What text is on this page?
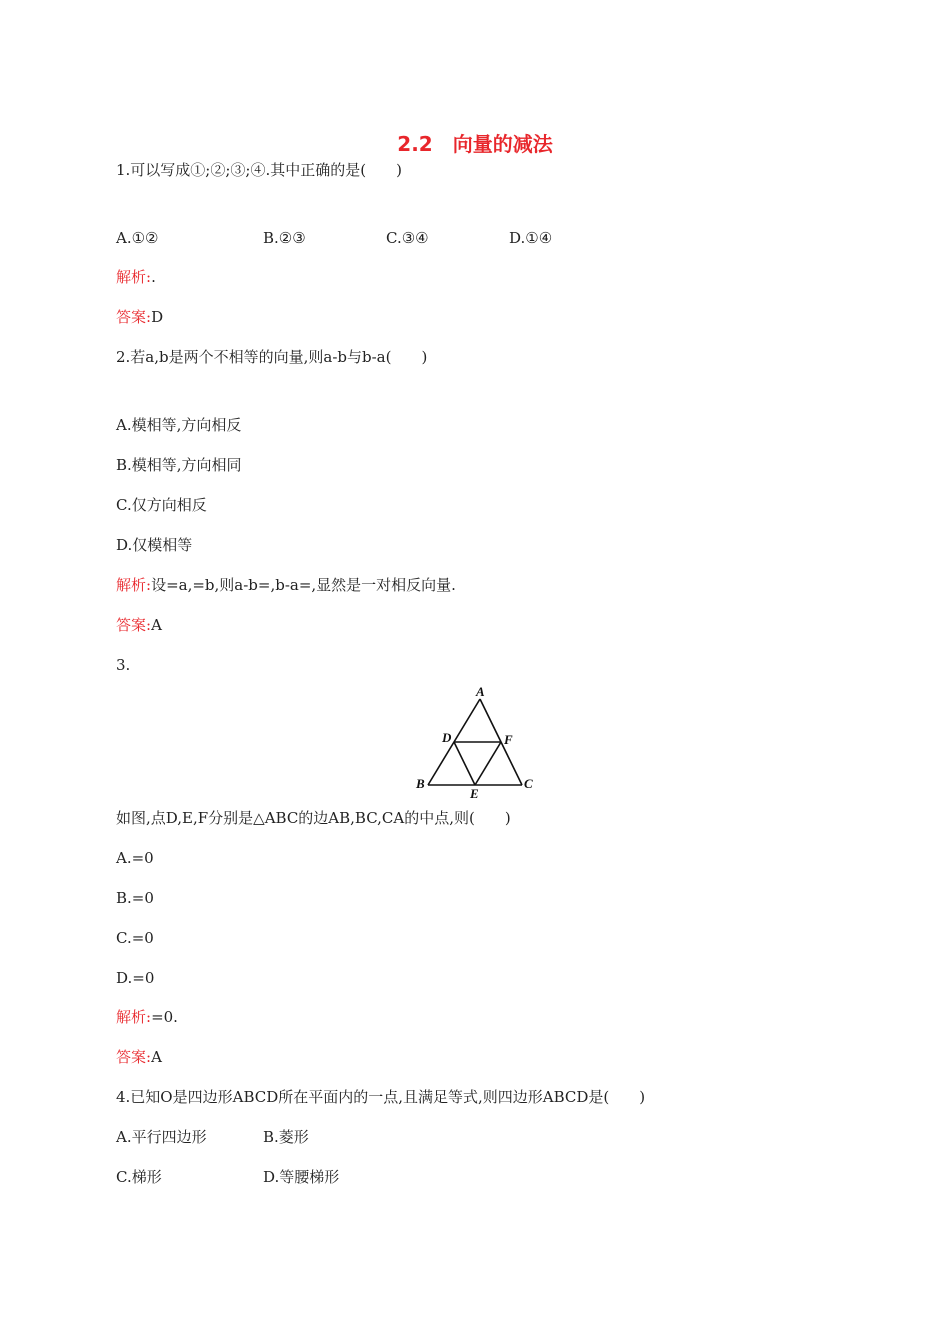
2.2　向量的减法
1.可以写成①;②;③;④.其中正确的是(　　)
A.①②	B.②③	C.③④	D.①④
解析:.
答案:D
2.若a,b是两个不相等的向量,则a-b与b-a(　　)
A.模相等,方向相反
B.模相等,方向相同
C.仅方向相反
D.仅模相等
解析:设=a,=b,则a-b=,b-a=,显然是一对相反向量.
答案:A
3.
A
B	C
D
E
F
如图,点D,E,F分别是△ABC的边AB,BC,CA的中点,则(　　)
A.=0
B.=0
C.=0
D.=0
解析:=0.
答案:A
4.已知O是四边形ABCD所在平面内的一点,且满足等式,则四边形ABCD是(　　)
A.平行四边形	B.菱形
C.梯形	D.等腰梯形
